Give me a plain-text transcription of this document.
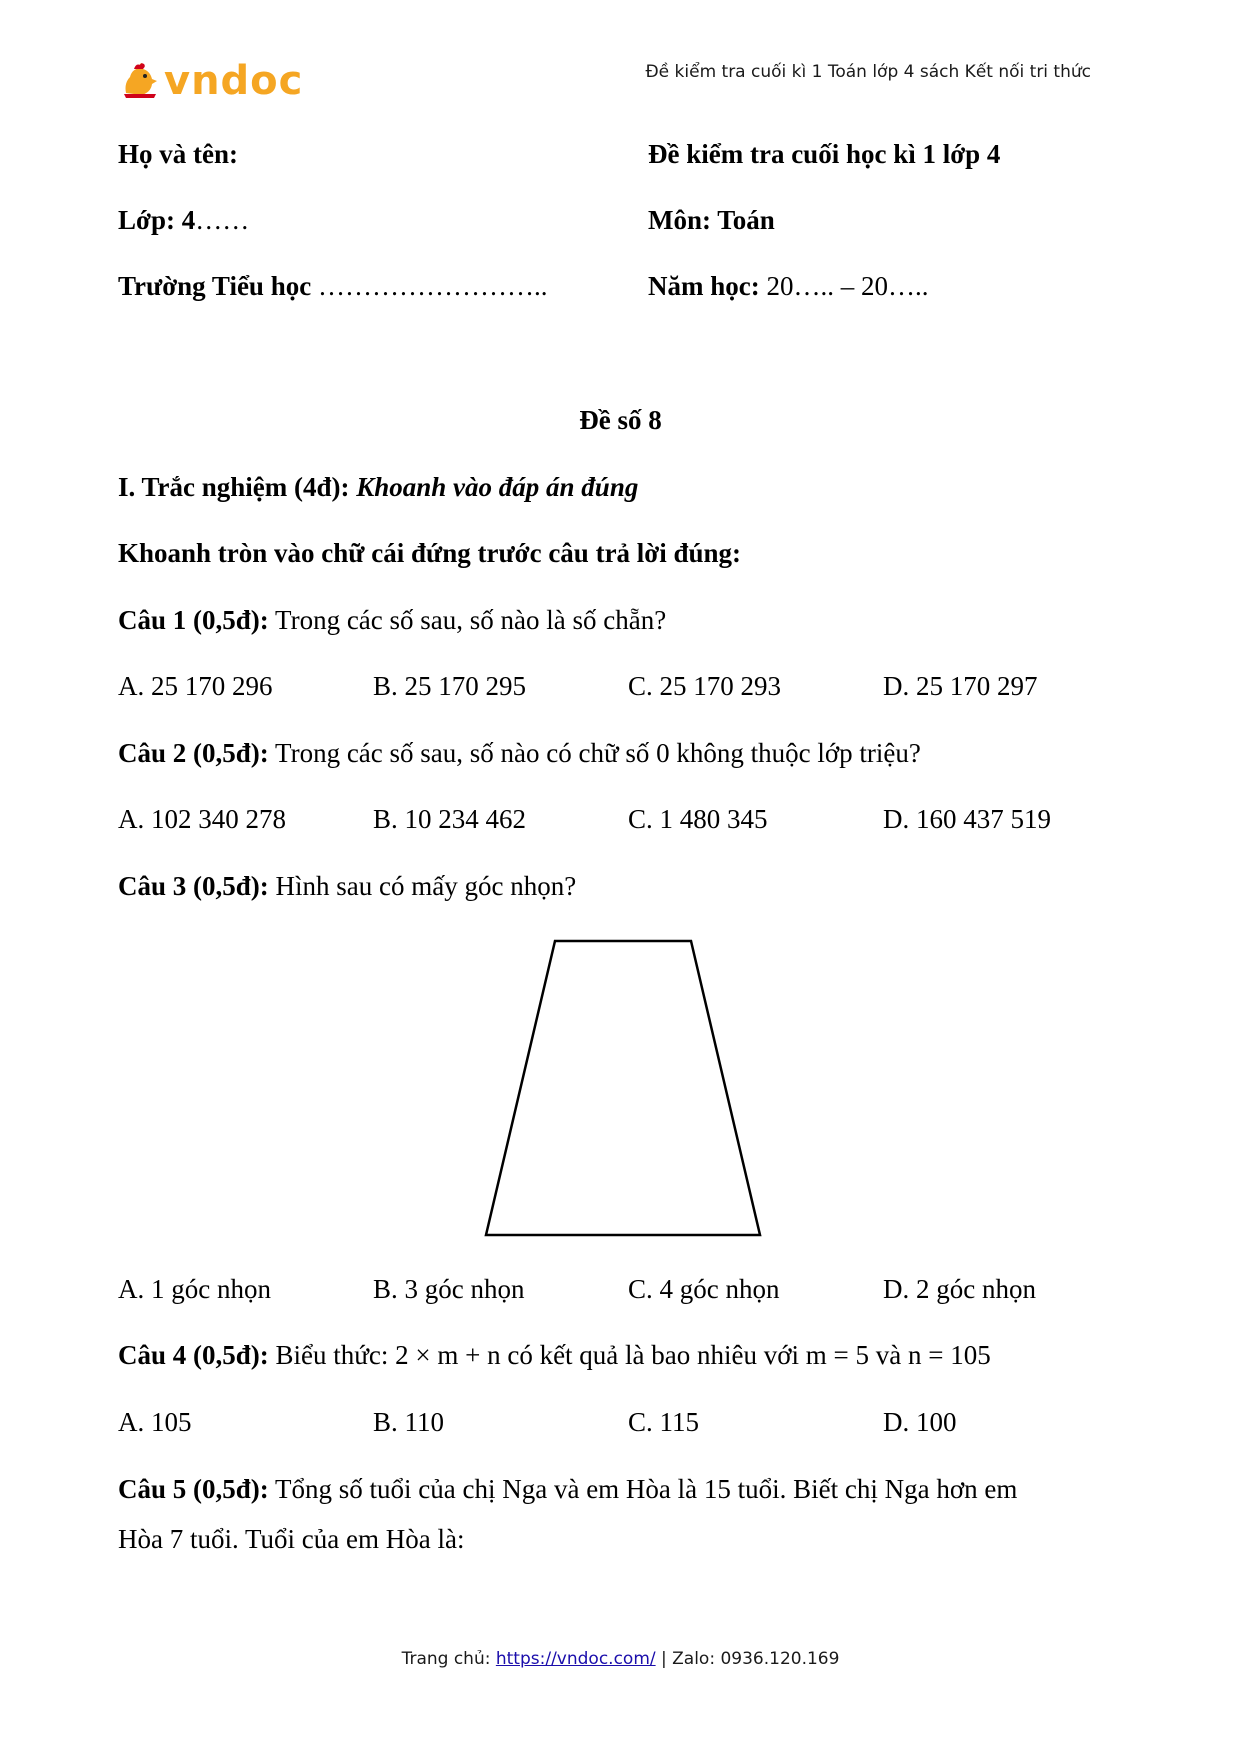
vndoc	Đề kiểm tra cuối kì 1 Toán lớp 4 sách Kết nối tri thức
Họ và tên:
Lớp: 4……
Trường Tiểu học ……………………..
Đề kiểm tra cuối học kì 1 lớp 4
Môn: Toán
Năm học: 20….. – 20…..
Đề số 8
I. Trắc nghiệm (4đ): Khoanh vào đáp án đúng
Khoanh tròn vào chữ cái đứng trước câu trả lời đúng:
Câu 1 (0,5đ): Trong các số sau, số nào là số chẵn?
A. 25 170 296	B. 25 170 295	C. 25 170 293	D. 25 170 297
Câu 2 (0,5đ): Trong các số sau, số nào có chữ số 0 không thuộc lớp triệu?
A. 102 340 278	B. 10 234 462	C. 1 480 345	D. 160 437 519
Câu 3 (0,5đ): Hình sau có mấy góc nhọn?
A. 1 góc nhọn	B. 3 góc nhọn	C. 4 góc nhọn	D. 2 góc nhọn
Câu 4 (0,5đ): Biểu thức: 2 × m + n có kết quả là bao nhiêu với m = 5 và n = 105
A. 105	B. 110	C. 115	D. 100
Câu 5 (0,5đ): Tổng số tuổi của chị Nga và em Hòa là 15 tuổi. Biết chị Nga hơn em
Hòa 7 tuổi. Tuổi của em Hòa là:
Trang chủ: https://vndoc.com/ | Zalo: 0936.120.169
